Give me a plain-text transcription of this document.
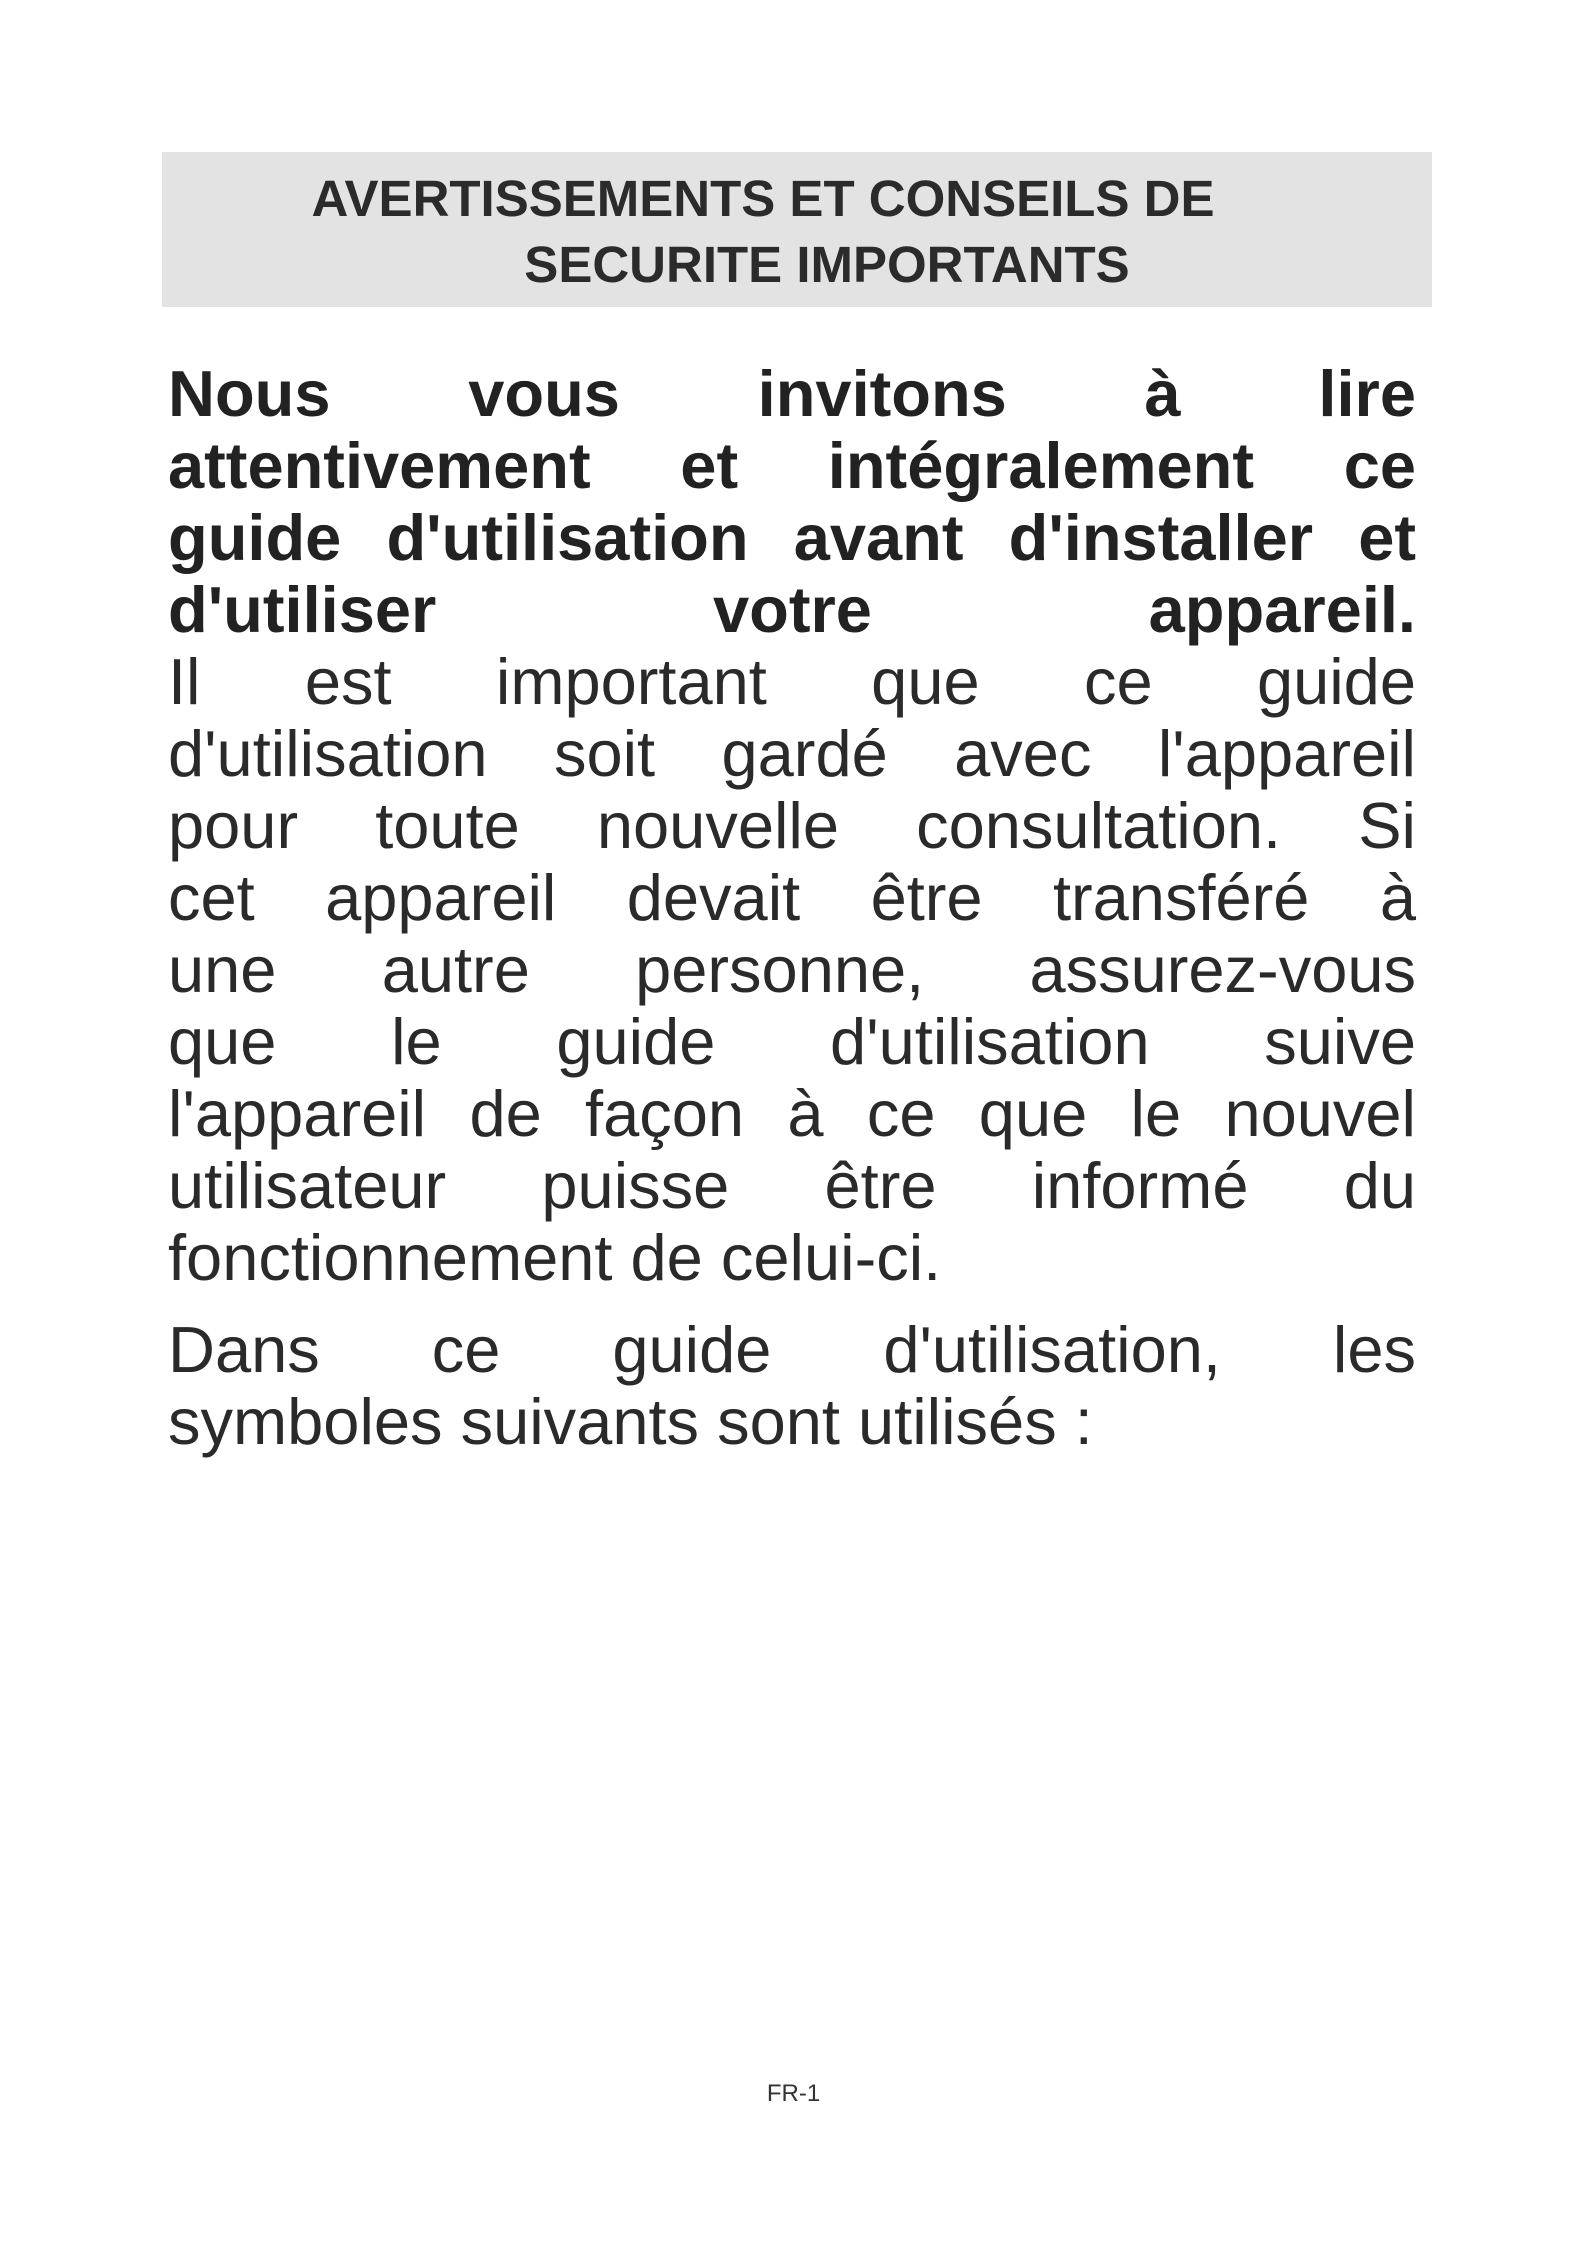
AVERTISSEMENTS ET CONSEILS DE
SECURITE IMPORTANTS

Nous vous invitons à lire
attentivement et intégralement ce
guide d'utilisation avant d'installer et
d'utiliser votre appareil.

Il est important que ce guide
d'utilisation soit gardé avec l'appareil
pour toute nouvelle consultation. Si
cet appareil devait être transféré à
une autre personne, assurez-vous
que le guide d'utilisation suive
l'appareil de façon à ce que le nouvel
utilisateur puisse être informé du
fonctionnement de celui-ci.

Dans ce guide d'utilisation, les
symboles suivants sont utilisés :

FR-1
